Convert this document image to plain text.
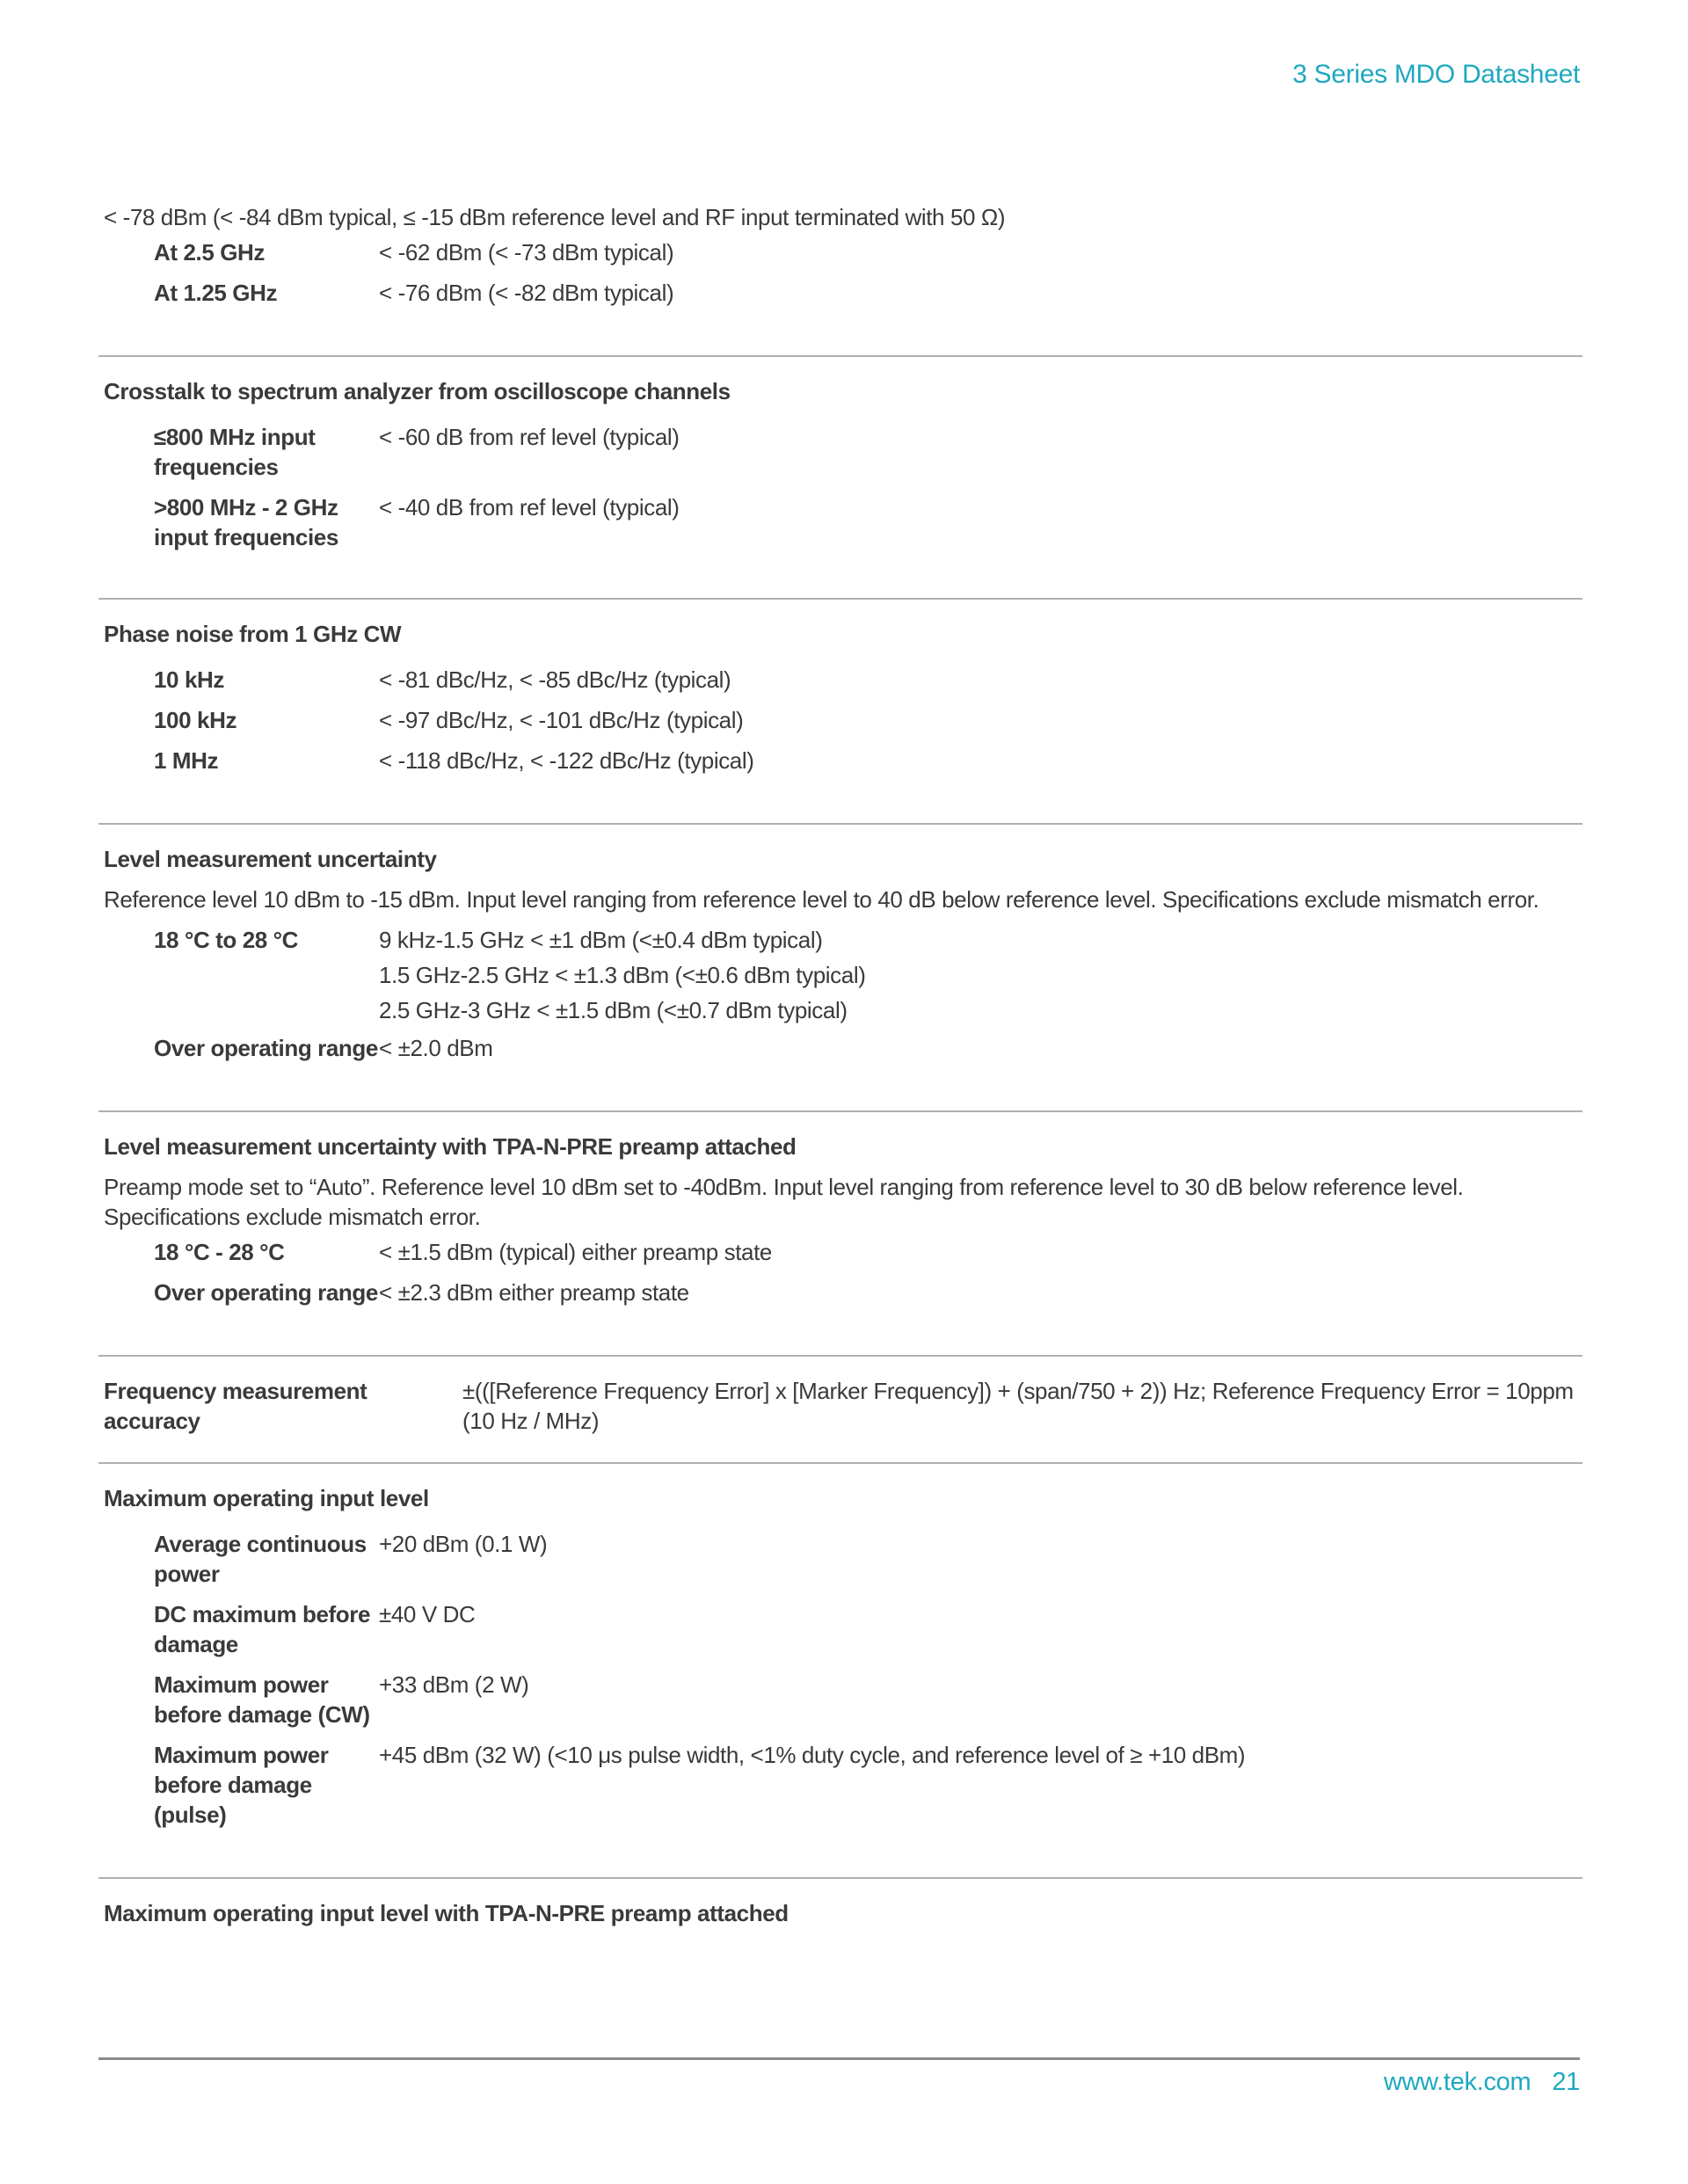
3 Series MDO Datasheet
< -78 dBm (< -84 dBm typical, ≤ -15 dBm reference level and RF input terminated with 50 Ω)
At 2.5 GHz	< -62 dBm (< -73 dBm typical)
At 1.25 GHz	< -76 dBm (< -82 dBm typical)
Crosstalk to spectrum analyzer from oscilloscope channels
≤800 MHz input
frequencies
< -60 dB from ref level (typical)
>800 MHz - 2 GHz
input frequencies
< -40 dB from ref level (typical)
Phase noise from 1 GHz CW
10 kHz	< -81 dBc/Hz, < -85 dBc/Hz (typical)
100 kHz	< -97 dBc/Hz, < -101 dBc/Hz (typical)
1 MHz	< -118 dBc/Hz, < -122 dBc/Hz (typical)
Level measurement uncertainty
Reference level 10 dBm to -15 dBm. Input level ranging from reference level to 40 dB below reference level. Specifications exclude mismatch error.
18 °C to 28 °C	9 kHz-1.5 GHz < ±1 dBm (<±0.4 dBm typical)
1.5 GHz-2.5 GHz < ±1.3 dBm (<±0.6 dBm typical)
2.5 GHz-3 GHz < ±1.5 dBm (<±0.7 dBm typical)
Over operating range < ±2.0 dBm
Level measurement uncertainty with TPA-N-PRE preamp attached
Preamp mode set to “Auto”. Reference level 10 dBm set to -40dBm. Input level ranging from reference level to 30 dB below reference level. Specifications exclude mismatch error.
18 °C - 28 °C	< ±1.5 dBm (typical) either preamp state
Over operating range < ±2.3 dBm either preamp state
Frequency measurement accuracy
±(([Reference Frequency Error] x [Marker Frequency]) + (span/750 + 2)) Hz; Reference Frequency Error = 10ppm (10 Hz / MHz)
Maximum operating input level
Average continuous
power
+20 dBm (0.1 W)
DC maximum before
damage
±40 V DC
Maximum power
before damage (CW)
+33 dBm (2 W)
Maximum power
before damage
(pulse)
+45 dBm (32 W) (<10 μs pulse width, <1% duty cycle, and reference level of ≥ +10 dBm)
Maximum operating input level with TPA-N-PRE preamp attached
www.tek.com 21
